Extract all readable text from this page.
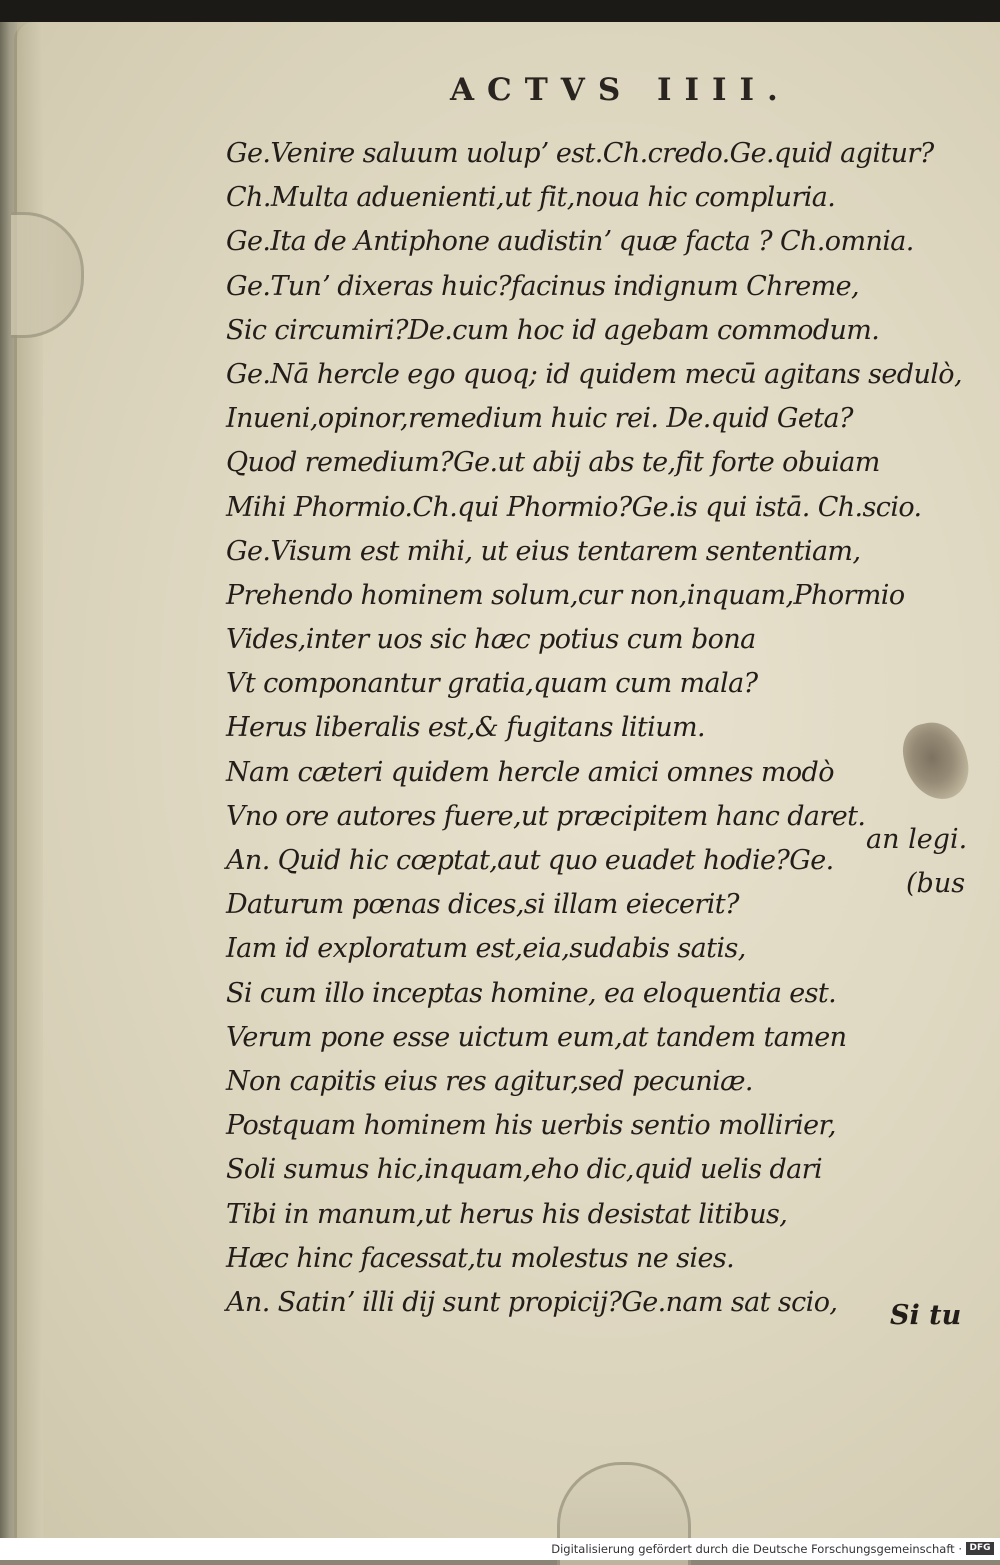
ACTVS IIII.
Ge.Venire saluum uolupʼ est.Ch.credo.Ge.quid agitur?
Ch.Multa aduenienti,ut fit,noua hic compluria.
Ge.Ita de Antiphone audistinʼ quæ facta ? Ch.omnia.
Ge.Tunʼ dixeras huic?facinus indignum Chreme,
Sic circumiri?De.cum hoc id agebam commodum.
Ge.Nā hercle ego quoq; id quidem mecū agitans sedulò,
Inueni,opinor,remedium huic rei. De.quid Geta?
Quod remedium?Ge.ut abij abs te,fit forte obuiam
Mihi Phormio.Ch.qui Phormio?Ge.is qui istā. Ch.scio.
Ge.Visum est mihi, ut eius tentarem sententiam,
Prehendo hominem solum,cur non,inquam,Phormio
Vides,inter uos sic hæc potius cum bona
Vt componantur gratia,quam cum mala?
Herus liberalis est,& fugitans litium.
Nam cæteri quidem hercle amici omnes modò
Vno ore autores fuere,ut præcipitem hanc daret.
An. Quid hic cœptat,aut quo euadet hodie?Ge.
Daturum pœnas dices,si illam eiecerit?
Iam id exploratum est,eia,sudabis satis,
Si cum illo inceptas homine, ea eloquentia est.
Verum pone esse uictum eum,at tandem tamen
Non capitis eius res agitur,sed pecuniæ.
Postquam hominem his uerbis sentio mollirier,
Soli sumus hic,inquam,eho dic,quid uelis dari
Tibi in manum,ut herus his desistat litibus,
Hæc hinc facessat,tu molestus ne sies.
An. Satinʼ illi dij sunt propicij?Ge.nam sat scio,
an legi.
(bus
Si tu
Digitalisierung gefördert durch die Deutsche Forschungsgemeinschaft · DFG
